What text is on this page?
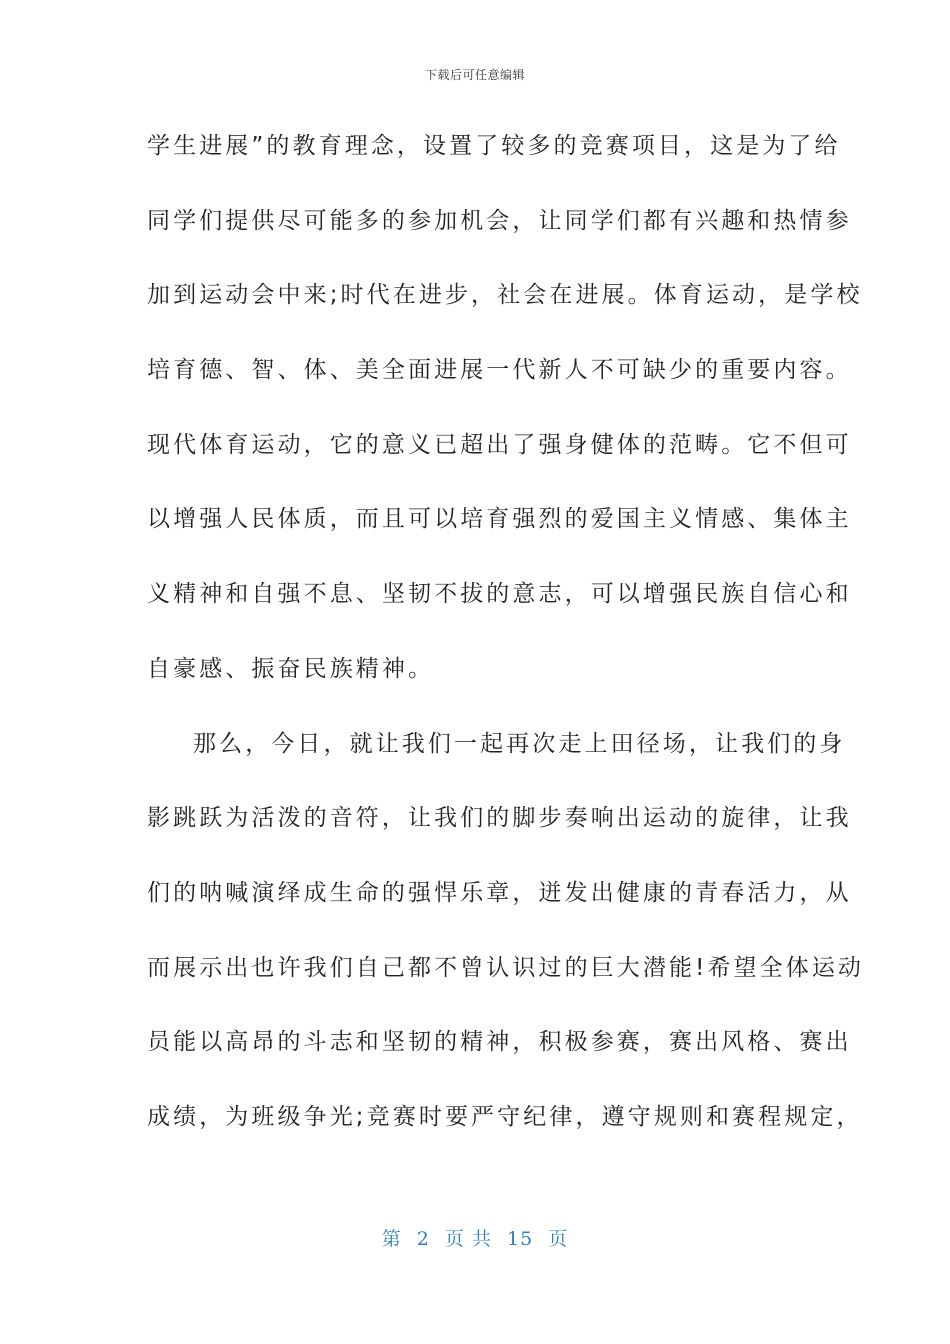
下载后可任意编辑
学生进展”的教育理念，设置了较多的竞赛项目，这是为了给
同学们提供尽可能多的参加机会，让同学们都有兴趣和热情参
加到运动会中来;时代在进步，社会在进展。体育运动，是学校
培育德、智、体、美全面进展一代新人不可缺少的重要内容。
现代体育运动，它的意义已超出了强身健体的范畴。它不但可
以增强人民体质，而且可以培育强烈的爱国主义情感、集体主
义精神和自强不息、坚韧不拔的意志，可以增强民族自信心和
自豪感、振奋民族精神。
那么，今日，就让我们一起再次走上田径场，让我们的身
影跳跃为活泼的音符，让我们的脚步奏响出运动的旋律，让我
们的呐喊演绎成生命的强悍乐章，迸发出健康的青春活力，从
而展示出也许我们自己都不曾认识过的巨大潜能!希望全体运动
员能以高昂的斗志和坚韧的精神，积极参赛，赛出风格、赛出
成绩，为班级争光;竞赛时要严守纪律，遵守规则和赛程规定，
第 2 页 共 15 页
